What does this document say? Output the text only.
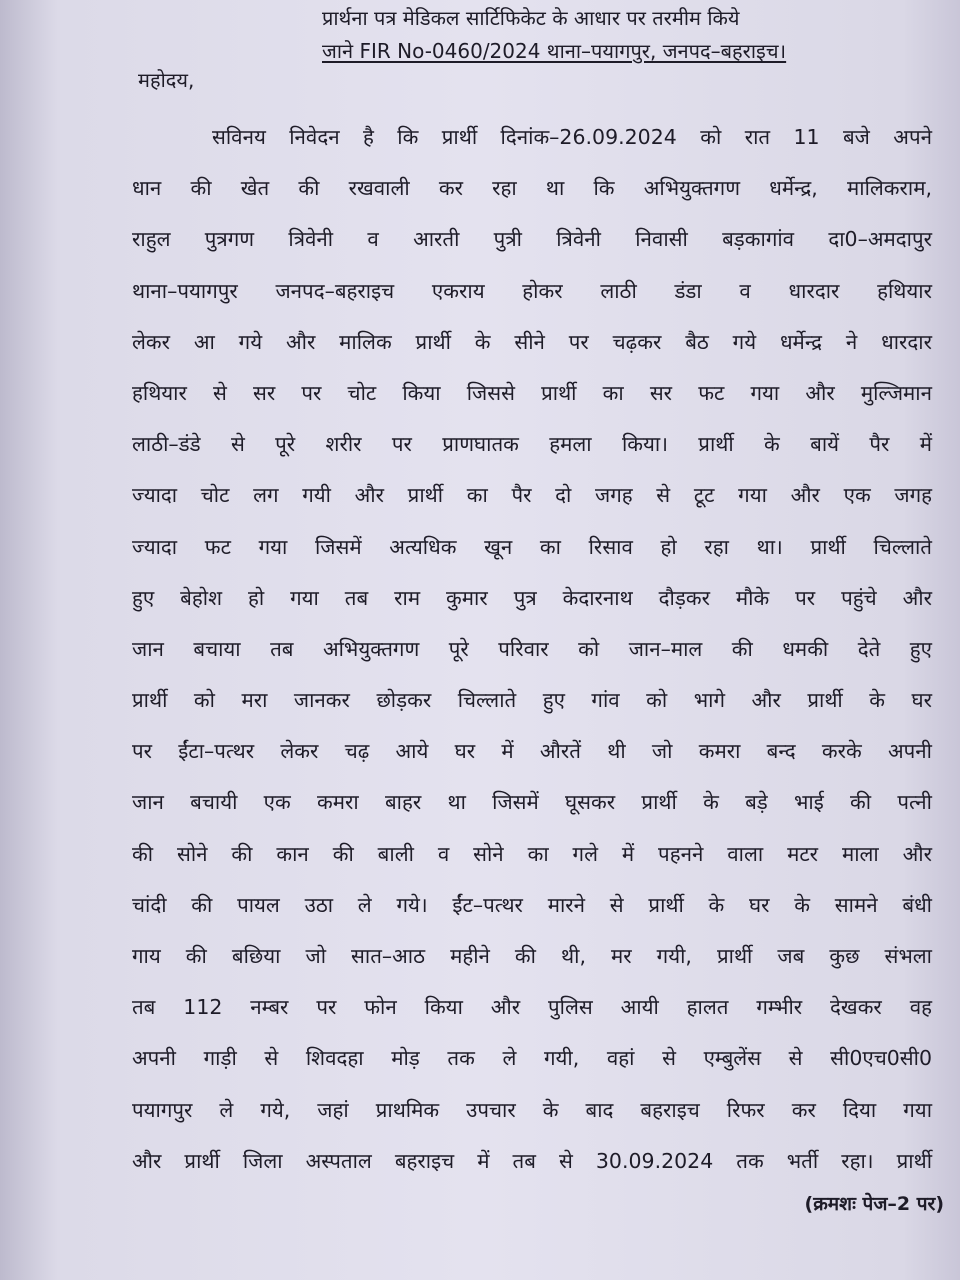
प्रार्थना पत्र मेडिकल सार्टिफिकेट के आधार पर तरमीम किये
जाने FIR No-0460/2024 थाना–पयागपुर, जनपद–बहराइच।
महोदय,
सविनय निवेदन है कि प्रार्थी दिनांक–26.09.2024 को रात 11 बजे अपने
धान की खेत की रखवाली कर रहा था कि अभियुक्तगण धर्मेन्द्र, मालिकराम,
राहुल पुत्रगण त्रिवेनी व आरती पुत्री त्रिवेनी निवासी बड़कागांव दा0–अमदापुर
थाना–पयागपुर जनपद–बहराइच एकराय होकर लाठी डंडा व धारदार हथियार
लेकर आ गये और मालिक प्रार्थी के सीने पर चढ़कर बैठ गये धर्मेन्द्र ने धारदार
हथियार से सर पर चोट किया जिससे प्रार्थी का सर फट गया और मुल्जिमान
लाठी–डंडे से पूरे शरीर पर प्राणघातक हमला किया। प्रार्थी के बायें पैर में
ज्यादा चोट लग गयी और प्रार्थी का पैर दो जगह से टूट गया और एक जगह
ज्यादा फट गया जिसमें अत्यधिक खून का रिसाव हो रहा था। प्रार्थी चिल्लाते
हुए बेहोश हो गया तब राम कुमार पुत्र केदारनाथ दौड़कर मौके पर पहुंचे और
जान बचाया तब अभियुक्तगण पूरे परिवार को जान–माल की धमकी देते हुए
प्रार्थी को मरा जानकर छोड़कर चिल्लाते हुए गांव को भागे और प्रार्थी के घर
पर ईंटा–पत्थर लेकर चढ़ आये घर में औरतें थी जो कमरा बन्द करके अपनी
जान बचायी एक कमरा बाहर था जिसमें घूसकर प्रार्थी के बड़े भाई की पत्नी
की सोने की कान की बाली व सोने का गले में पहनने वाला मटर माला और
चांदी की पायल उठा ले गये। ईंट–पत्थर मारने से प्रार्थी के घर के सामने बंधी
गाय की बछिया जो सात–आठ महीने की थी, मर गयी, प्रार्थी जब कुछ संभला
तब 112 नम्बर पर फोन किया और पुलिस आयी हालत गम्भीर देखकर वह
अपनी गाड़ी से शिवदहा मोड़ तक ले गयी, वहां से एम्बुलेंस से सी0एच0सी0
पयागपुर ले गये, जहां प्राथमिक उपचार के बाद बहराइच रिफर कर दिया गया
और प्रार्थी जिला अस्पताल बहराइच में तब से 30.09.2024 तक भर्ती रहा। प्रार्थी
(क्रमशः पेज–2 पर)
